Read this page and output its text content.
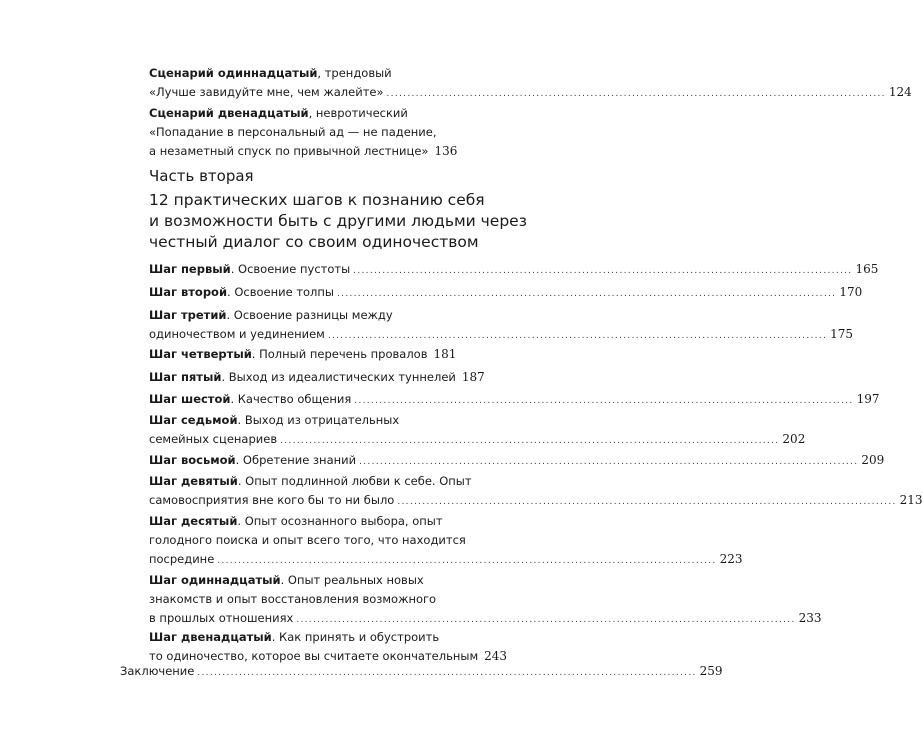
Сценарий одиннадцатый, трендовый
«Лучше завидуйте мне, чем жалейте» ........................................................................................................................ 124
Сценарий двенадцатый, невротический
«Попадание в персональный ад — не падение,
а незаметный спуск по привычной лестнице» 136
Часть вторая
12 практических шагов к познанию себя
и возможности быть с другими людьми через
честный диалог со своим одиночеством
Шаг первый. Освоение пустоты ........................................................................................................................ 165
Шаг второй. Освоение толпы ........................................................................................................................ 170
Шаг третий. Освоение разницы между
одиночеством и уединением ........................................................................................................................ 175
Шаг четвертый. Полный перечень провалов 181
Шаг пятый. Выход из идеалистических туннелей 187
Шаг шестой. Качество общения ........................................................................................................................ 197
Шаг седьмой. Выход из отрицательных
семейных сценариев ........................................................................................................................ 202
Шаг восьмой. Обретение знаний ........................................................................................................................ 209
Шаг девятый. Опыт подлинной любви к себе. Опыт
самовосприятия вне кого бы то ни было ........................................................................................................................ 213
Шаг десятый. Опыт осознанного выбора, опыт
голодного поиска и опыт всего того, что находится
посредине ........................................................................................................................ 223
Шаг одиннадцатый. Опыт реальных новых
знакомств и опыт восстановления возможного
в прошлых отношениях ........................................................................................................................ 233
Шаг двенадцатый. Как принять и обустроить
то одиночество, которое вы считаете окончательным 243
Заключение ........................................................................................................................ 259
